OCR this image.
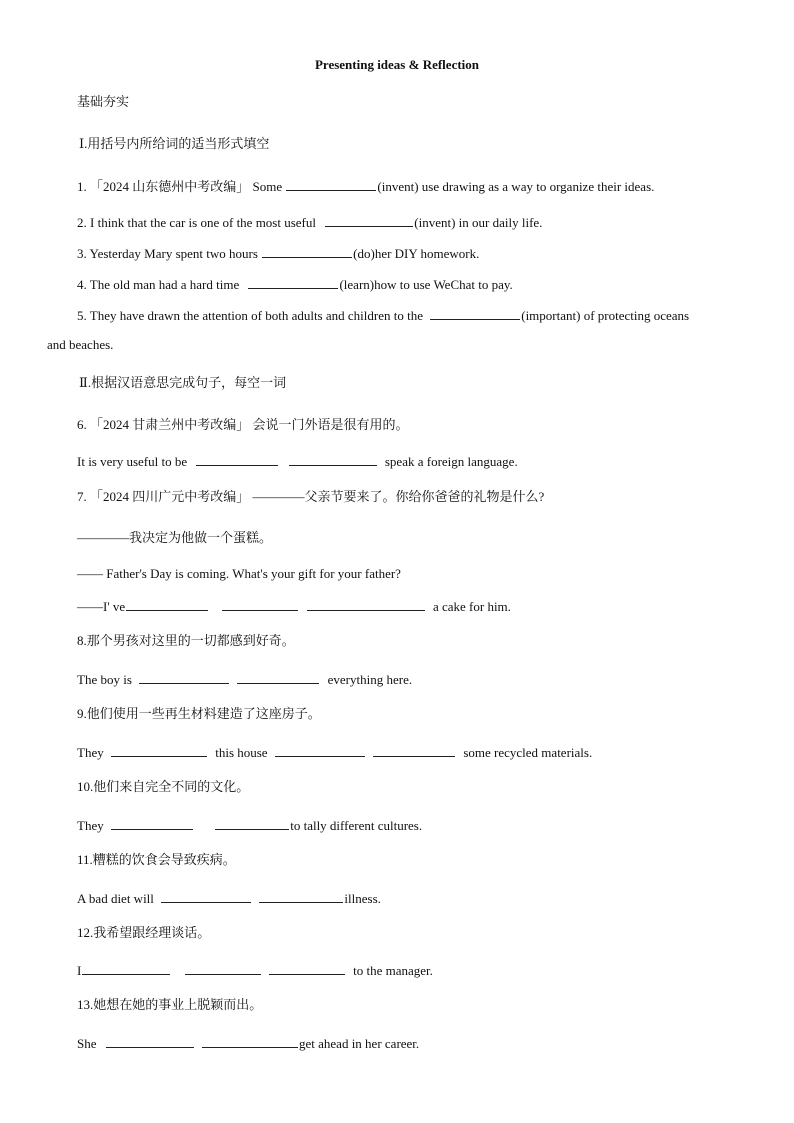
Presenting ideas & Reflection
基础夯实
Ⅰ.用括号内所给词的适当形式填空
1. 「2024 山东德州中考改编」 Some	(invent) use drawing as a way to organize their ideas.
2. I think that the car is one of the most useful	(invent) in our daily life.
3. Yesterday Mary spent two hours	(do)her DIY homework.
4. The old man had a hard time	(learn)how to use WeChat to pay.
5. They have drawn the attention of both adults and children to the	(important) of protecting oceans
and beaches.
Ⅱ.根据汉语意思完成句子，每空一词
6. 「2024 甘肃兰州中考改编」 会说一门外语是很有用的。
It is very useful to be	speak a foreign language.
7. 「2024 四川广元中考改编」 ————父亲节要来了。你给你爸爸的礼物是什么?
————我决定为他做一个蛋糕。
—— Father's Day is coming. What's your gift for your father?
——I' ve	a cake for him.
8.那个男孩对这里的一切都感到好奇。
The boy is	everything here.
9.他们使用一些再生材料建造了这座房子。
They	this house	some recycled materials.
10.他们来自完全不同的文化。
They	to tally different cultures.
11.糟糕的饮食会导致疾病。
A bad diet will	illness.
12.我希望跟经理谈话。
I	to the manager.
13.她想在她的事业上脱颖而出。
She	get ahead in her career.
